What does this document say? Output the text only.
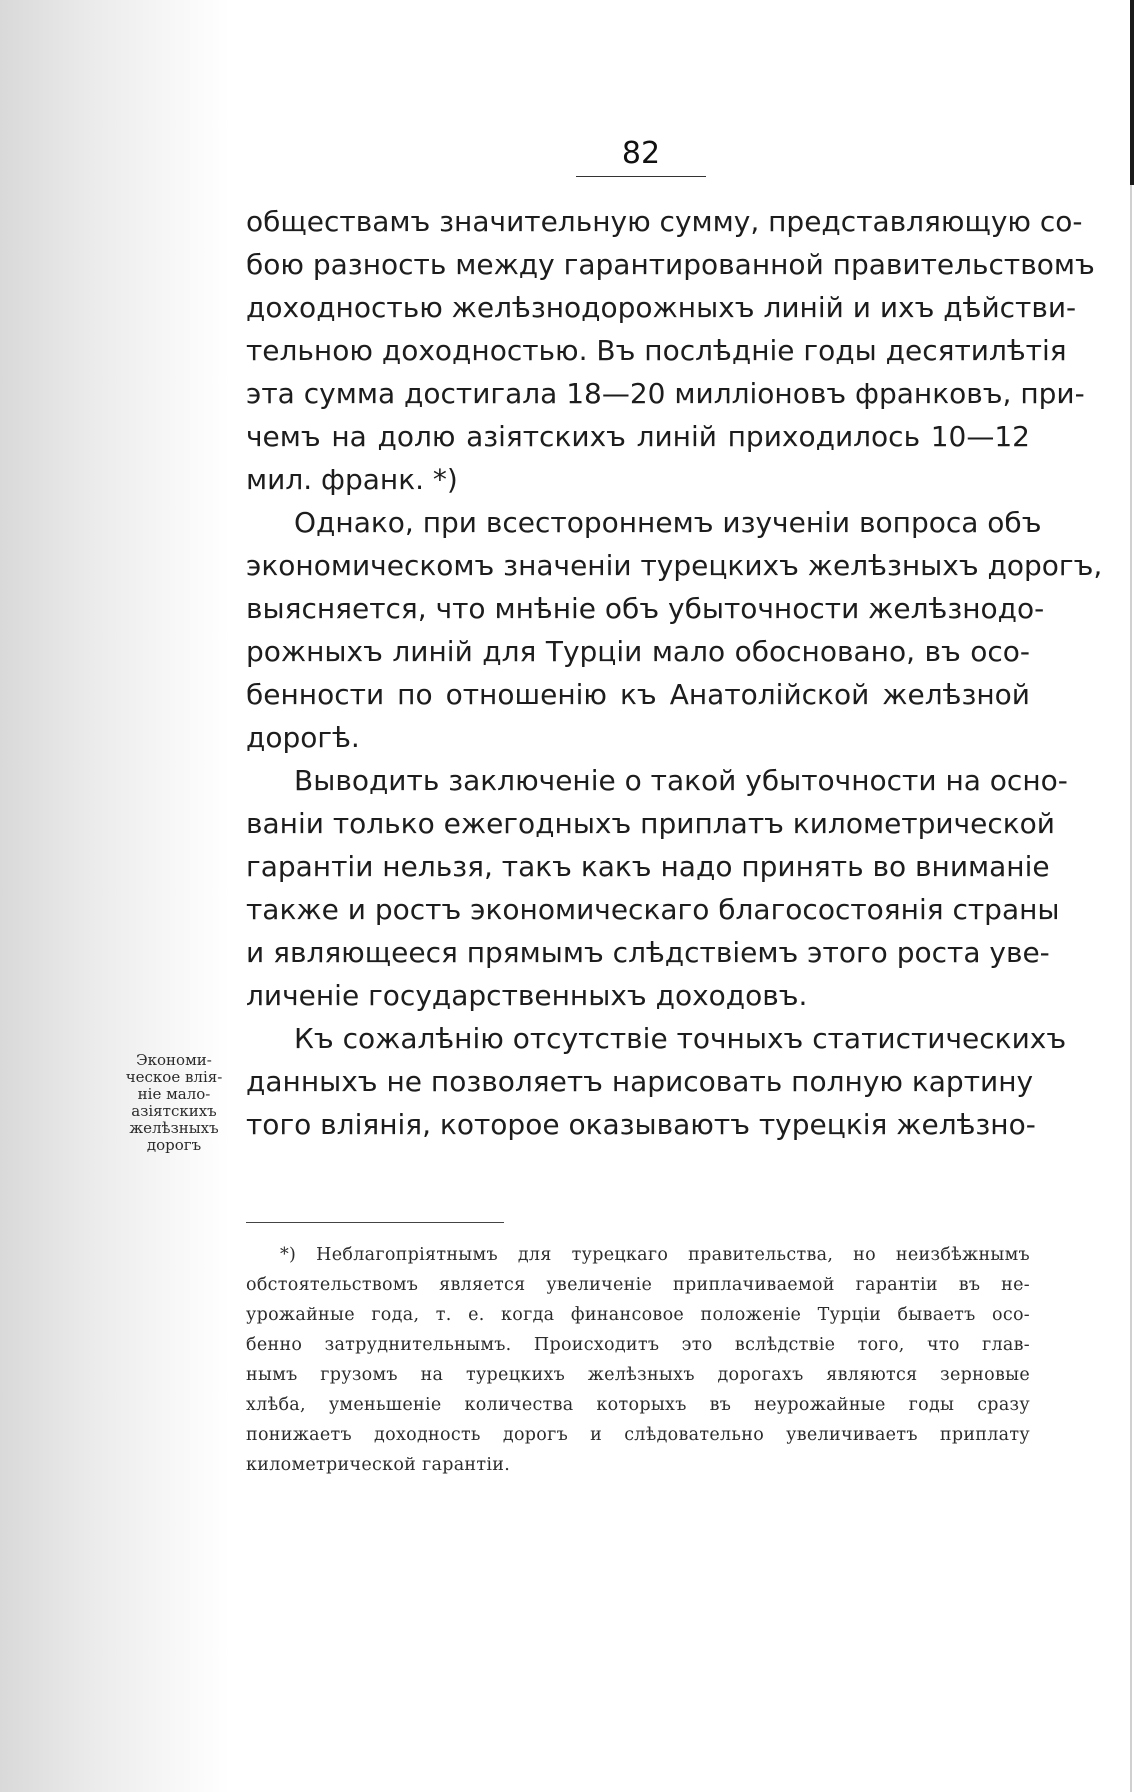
82
обществамъ значительную сумму, представляющую со-
бою разность между гарантированной правительствомъ
доходностью желѣзнодорожныхъ линій и ихъ дѣйстви-
тельною доходностью. Въ послѣдніе годы десятилѣтія
эта сумма достигала 18—20 милліоновъ франковъ, при-
чемъ на долю азіятскихъ линій приходилось 10—12
мил. франк. *)
Однако, при всестороннемъ изученіи вопроса объ
экономическомъ значеніи турецкихъ желѣзныхъ дорогъ,
выясняется, что мнѣніе объ убыточности желѣзнодо-
рожныхъ линій для Турціи мало обосновано, въ осо-
бенности по отношенію къ Анатолійской желѣзной
дорогѣ.
Выводить заключеніе о такой убыточности на осно-
ваніи только ежегодныхъ приплатъ километрической
гарантіи нельзя, такъ какъ надо принять во вниманіе
также и ростъ экономическаго благосостоянія страны
и являющееся прямымъ слѣдствіемъ этого роста уве-
личеніе государственныхъ доходовъ.
Къ сожалѣнію отсутствіе точныхъ статистическихъ
данныхъ не позволяетъ нарисовать полную картину
того вліянія, которое оказываютъ турецкія желѣзно-
Экономи-
ческое влія-
ніе мало-
азіятскихъ
желѣзныхъ
дорогъ
*) Неблагопріятнымъ для турецкаго правительства, но неизбѣжнымъ
обстоятельствомъ является увеличеніе приплачиваемой гарантіи въ не-
урожайные года, т. е. когда финансовое положеніе Турціи бываетъ осо-
бенно затруднительнымъ. Происходитъ это вслѣдствіе того, что глав-
нымъ грузомъ на турецкихъ желѣзныхъ дорогахъ являются зерновые
хлѣба, уменьшеніе количества которыхъ въ неурожайные годы сразу
понижаетъ доходность дорогъ и слѣдовательно увеличиваетъ приплату
километрической гарантіи.
